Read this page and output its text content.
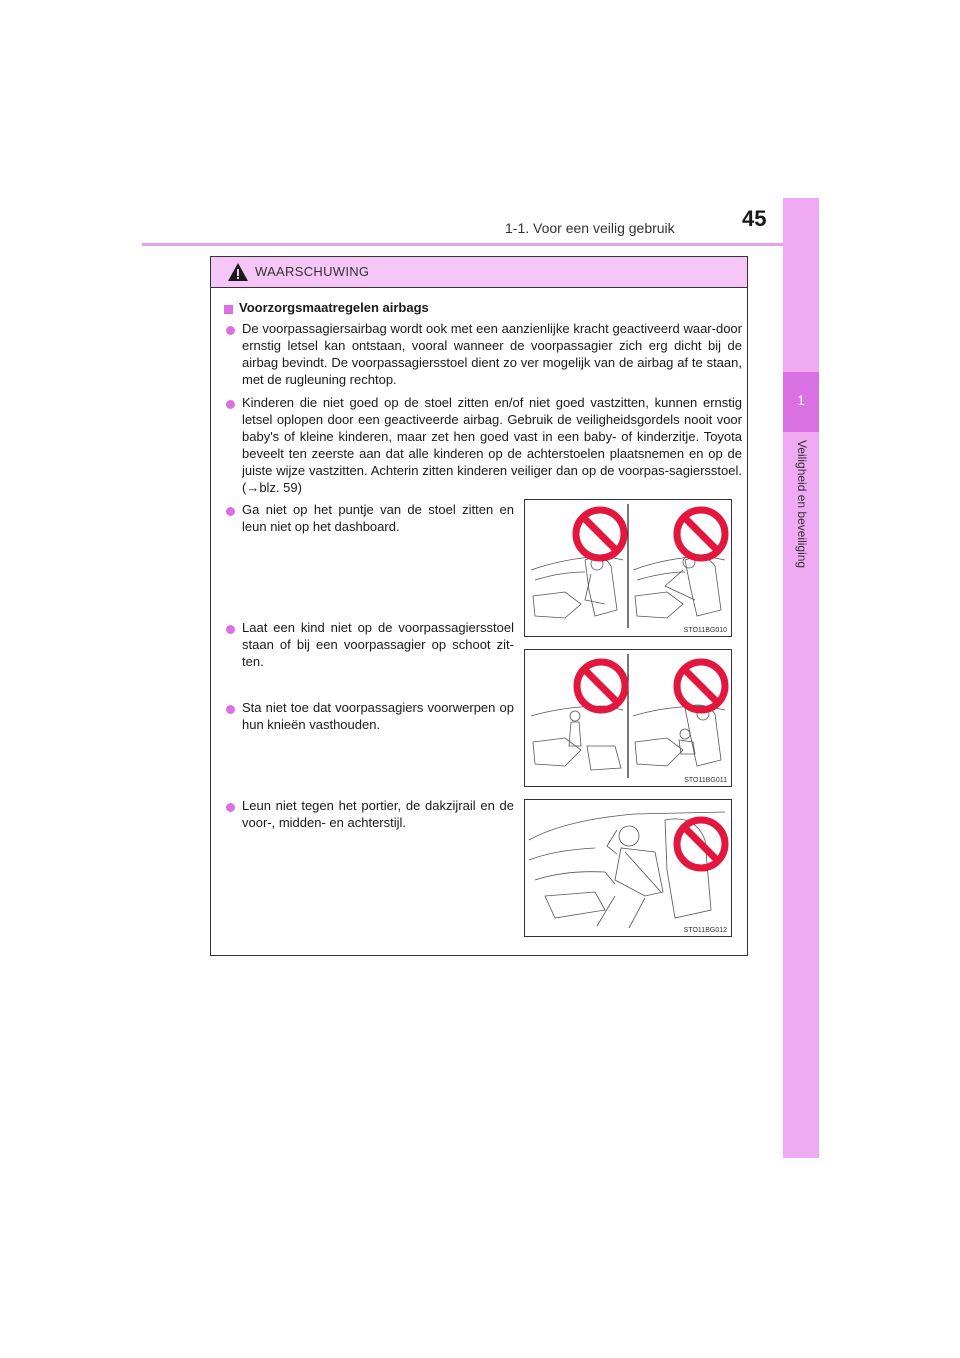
45
1-1. Voor een veilig gebruik
1
Veiligheid en beveiliging
WAARSCHUWING
Voorzorgsmaatregelen airbags
De voorpassagiersairbag wordt ook met een aanzienlijke kracht geactiveerd waar-door ernstig letsel kan ontstaan, vooral wanneer de voorpassagier zich erg dicht bij de airbag bevindt. De voorpassagiersstoel dient zo ver mogelijk van de airbag af te staan, met de rugleuning rechtop.
Kinderen die niet goed op de stoel zitten en/of niet goed vastzitten, kunnen ernstig letsel oplopen door een geactiveerde airbag. Gebruik de veiligheidsgordels nooit voor baby's of kleine kinderen, maar zet hen goed vast in een baby- of kinderzitje. Toyota beveelt ten zeerste aan dat alle kinderen op de achterstoelen plaatsnemen en op de juiste wijze vastzitten. Achterin zitten kinderen veiliger dan op de voorpas-sagiersstoel. (→blz. 59)
Ga niet op het puntje van de stoel zitten en leun niet op het dashboard.
Laat een kind niet op de voorpassagiersstoel staan of bij een voorpassagier op schoot zit-ten.
Sta niet toe dat voorpassagiers voorwerpen op hun knieën vasthouden.
Leun niet tegen het portier, de dakzijrail en de voor-, midden- en achterstijl.
STO11BG010
STO11BG011
STO11BG012
